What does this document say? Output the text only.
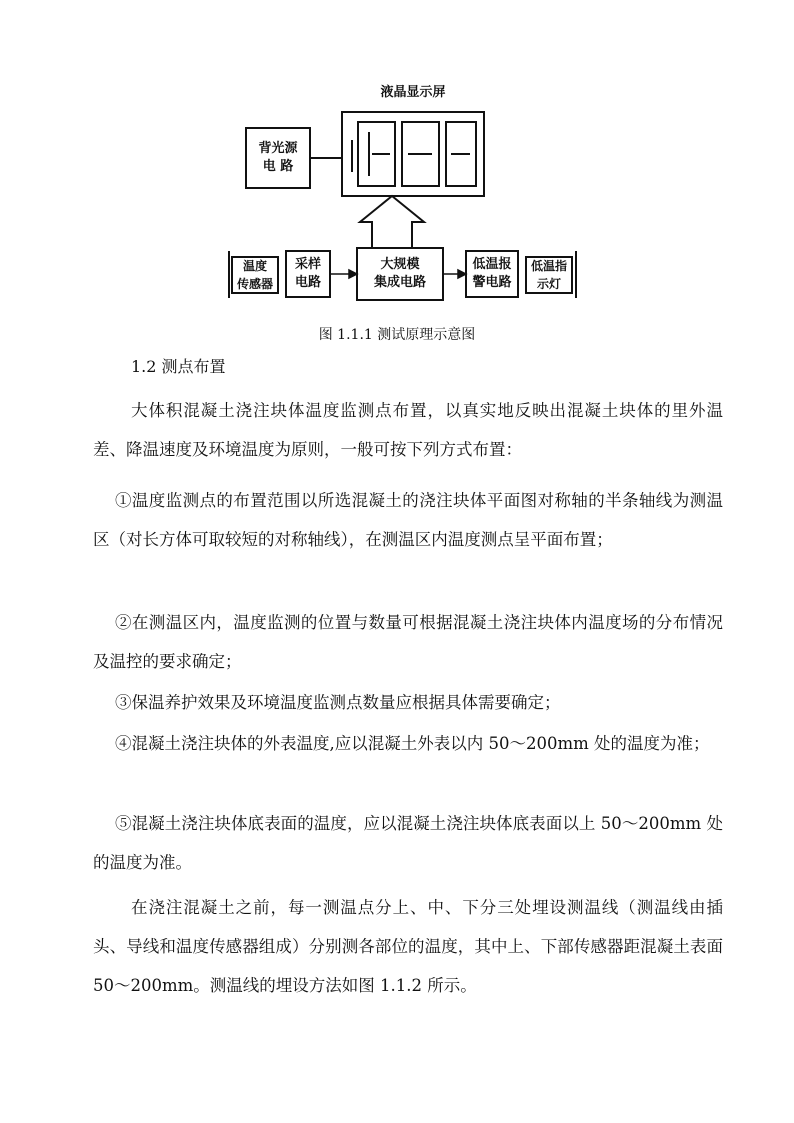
液晶显示屏
背光源
电 路
温度
传感器
采样
电路
大规模
集成电路
低温报
警电路
低温指
示灯
图 1.1.1 测试原理示意图
1.2 测点布置

大体积混凝土浇注块体温度监测点布置，以真实地反映出混凝土块体的里外温差、降温速度及环境温度为原则，一般可按下列方式布置：

①温度监测点的布置范围以所选混凝土的浇注块体平面图对称轴的半条轴线为测温区（对长方体可取较短的对称轴线），在测温区内温度测点呈平面布置；

②在测温区内，温度监测的位置与数量可根据混凝土浇注块体内温度场的分布情况及温控的要求确定；

③保温养护效果及环境温度监测点数量应根据具体需要确定；

④混凝土浇注块体的外表温度,应以混凝土外表以内 50～200mm 处的温度为准；

⑤混凝土浇注块体底表面的温度，应以混凝土浇注块体底表面以上 50～200mm 处的温度为准。

在浇注混凝土之前，每一测温点分上、中、下分三处埋设测温线（测温线由插头、导线和温度传感器组成）分别测各部位的温度，其中上、下部传感器距混凝土表面 50～200mm。测温线的埋设方法如图 1.1.2 所示。
